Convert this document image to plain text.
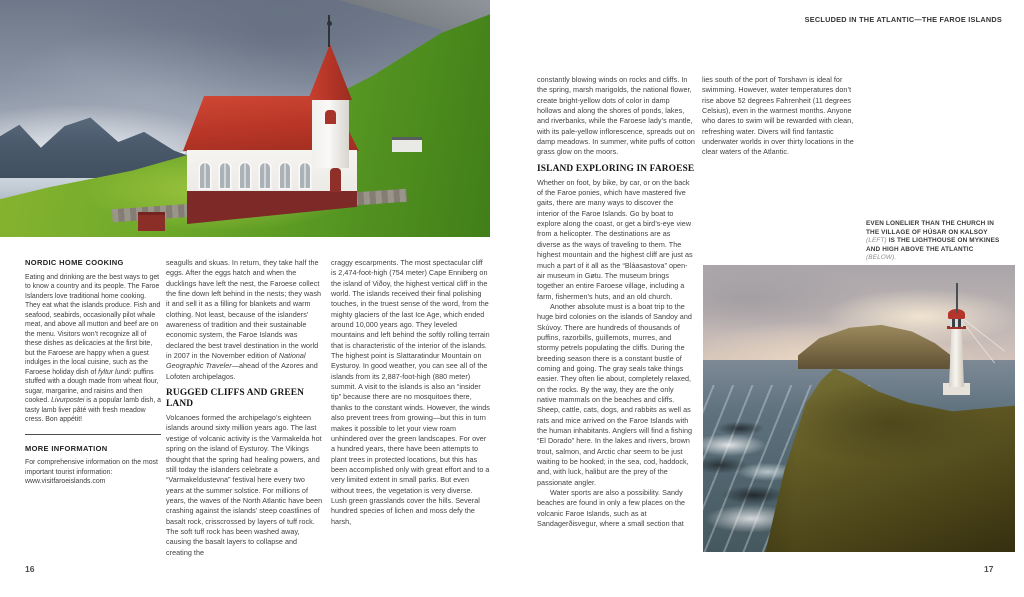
NORDIC HOME COOKING

Eating and drinking are the best ways to get to know a country and its people. The Faroe Islanders love traditional home cooking. They eat what the islands produce. Fish and seafood, seabirds, occasionally pilot whale meat, and above all mutton and beef are on the menu. Visitors won’t recognize all of these dishes as delicacies at the first bite, but the Faroese are happy when a guest indulges in the local cuisine, such as the Faroese holiday dish of fyltur lundi: puffins stuffed with a dough made from wheat flour, sugar, margarine, and raisins and then cooked. Livurpostei is a popular lamb dish, a tasty lamb liver pâté with fresh meadow cress. Bon appétit!

MORE INFORMATION

For comprehensive information on the most important tourist information:

www.visitfaroeislands.com

seagulls and skuas. In return, they take half the eggs. After the eggs hatch and when the ducklings have left the nest, the Faroese collect the fine down left behind in the nests; they wash it and sell it as a filling for blankets and warm clothing. Not least, because of the islanders’ awareness of tradition and their sustainable economic system, the Faroe Islands was declared the best travel destination in the world in 2007 in the November edition of National Geographic Traveler—ahead of the Azores and Lofoten archipelagos.

RUGGED CLIFFS AND GREEN LAND

Volcanoes formed the archipelago’s eighteen islands around sixty million years ago. The last vestige of volcanic activity is the Varmakelda hot spring on the island of Eysturoy. The Vikings thought that the spring had healing powers, and still today the islanders celebrate a “Varmakeldustevna” festival here every two years at the summer solstice. For millions of years, the waves of the North Atlantic have been crashing against the islands’ steep coastlines of basalt rock, crisscrossed by layers of tuff rock. The soft tuff rock has been washed away, causing the basalt layers to collapse and creating the

craggy escarpments. The most spectacular cliff is 2,474-foot-high (754 meter) Cape Enniberg on the island of Viðoy, the highest vertical cliff in the world. The islands received their final polishing touches, in the truest sense of the word, from the mighty glaciers of the last Ice Age, which ended around 10,000 years ago. They leveled mountains and left behind the softly rolling terrain that is characteristic of the interior of the islands. The highest point is Slattaratindur Mountain on Eysturoy. In good weather, you can see all of the islands from its 2,887-foot-high (880 meter) summit. A visit to the islands is also an “insider tip” because there are no mosquitoes there, thanks to the constant winds. However, the winds also prevent trees from growing—but this in turn makes it possible to let your view roam unhindered over the green landscapes. For over a hundred years, there have been attempts to plant trees in protected locations, but this has been accomplished only with great effort and to a very limited extent in small parks. But even without trees, the vegetation is very diverse. Lush green grasslands cover the hills. Several hundred species of lichen and moss defy the harsh,

16
SECLUDED IN THE ATLANTIC—THE FAROE ISLANDS

constantly blowing winds on rocks and cliffs. In the spring, marsh marigolds, the national flower, create bright-yellow dots of color in damp hollows and along the shores of ponds, lakes, and riverbanks, while the Faroese lady’s mantle, with its pale-yellow inflorescence, spreads out on damp meadows. In summer, white puffs of cotton grass glow on the moors.

ISLAND EXPLORING IN FAROESE

Whether on foot, by bike, by car, or on the back of the Faroe ponies, which have mastered five gaits, there are many ways to discover the interior of the Faroe Islands. Go by boat to explore along the coast, or get a bird’s-eye view from a helicopter. The destinations are as diverse as the ways of traveling to them. The highest mountain and the highest cliff are just as much a part of it all as the “Bláasastova” open-air museum in Gøtu. The museum brings together an entire Faroese village, including a farm, fishermen’s huts, and an old church.

Another absolute must is a boat trip to the huge bird colonies on the islands of Sandoy and Skúvoy. There are hundreds of thousands of puffins, razorbills, guillemots, murres, and stormy petrels populating the cliffs. During the breeding season there is a constant bustle of coming and going. The gray seals take things easier. They often lie about, completely relaxed, on the rocks. By the way, they are the only native mammals on the beaches and cliffs. Sheep, cattle, cats, dogs, and rabbits as well as rats and mice arrived on the Faroe Islands with the human inhabitants. Anglers will find a fishing “El Dorado” here. In the lakes and rivers, brown trout, salmon, and Arctic char seem to be just waiting to be hooked; in the sea, cod, haddock, and, with luck, halibut are the prey of the passionate angler.

Water sports are also a possibility. Sandy beaches are found in only a few places on the volcanic Faroe Islands, such as at Sandagerðisvegur, where a small section that

lies south of the port of Torshavn is ideal for swimming. However, water temperatures don’t rise above 52 degrees Fahrenheit (11 degrees Celsius), even in the warmest months. Anyone who dares to swim will be rewarded with clean, refreshing water. Divers will find fantastic underwater worlds in over thirty locations in the clear waters of the Atlantic.

EVEN LONELIER THAN THE CHURCH IN THE VILLAGE OF HÚSAR ON KALSOY (LEFT) IS THE LIGHTHOUSE ON MYKINES AND HIGH ABOVE THE ATLANTIC (BELOW).
17
